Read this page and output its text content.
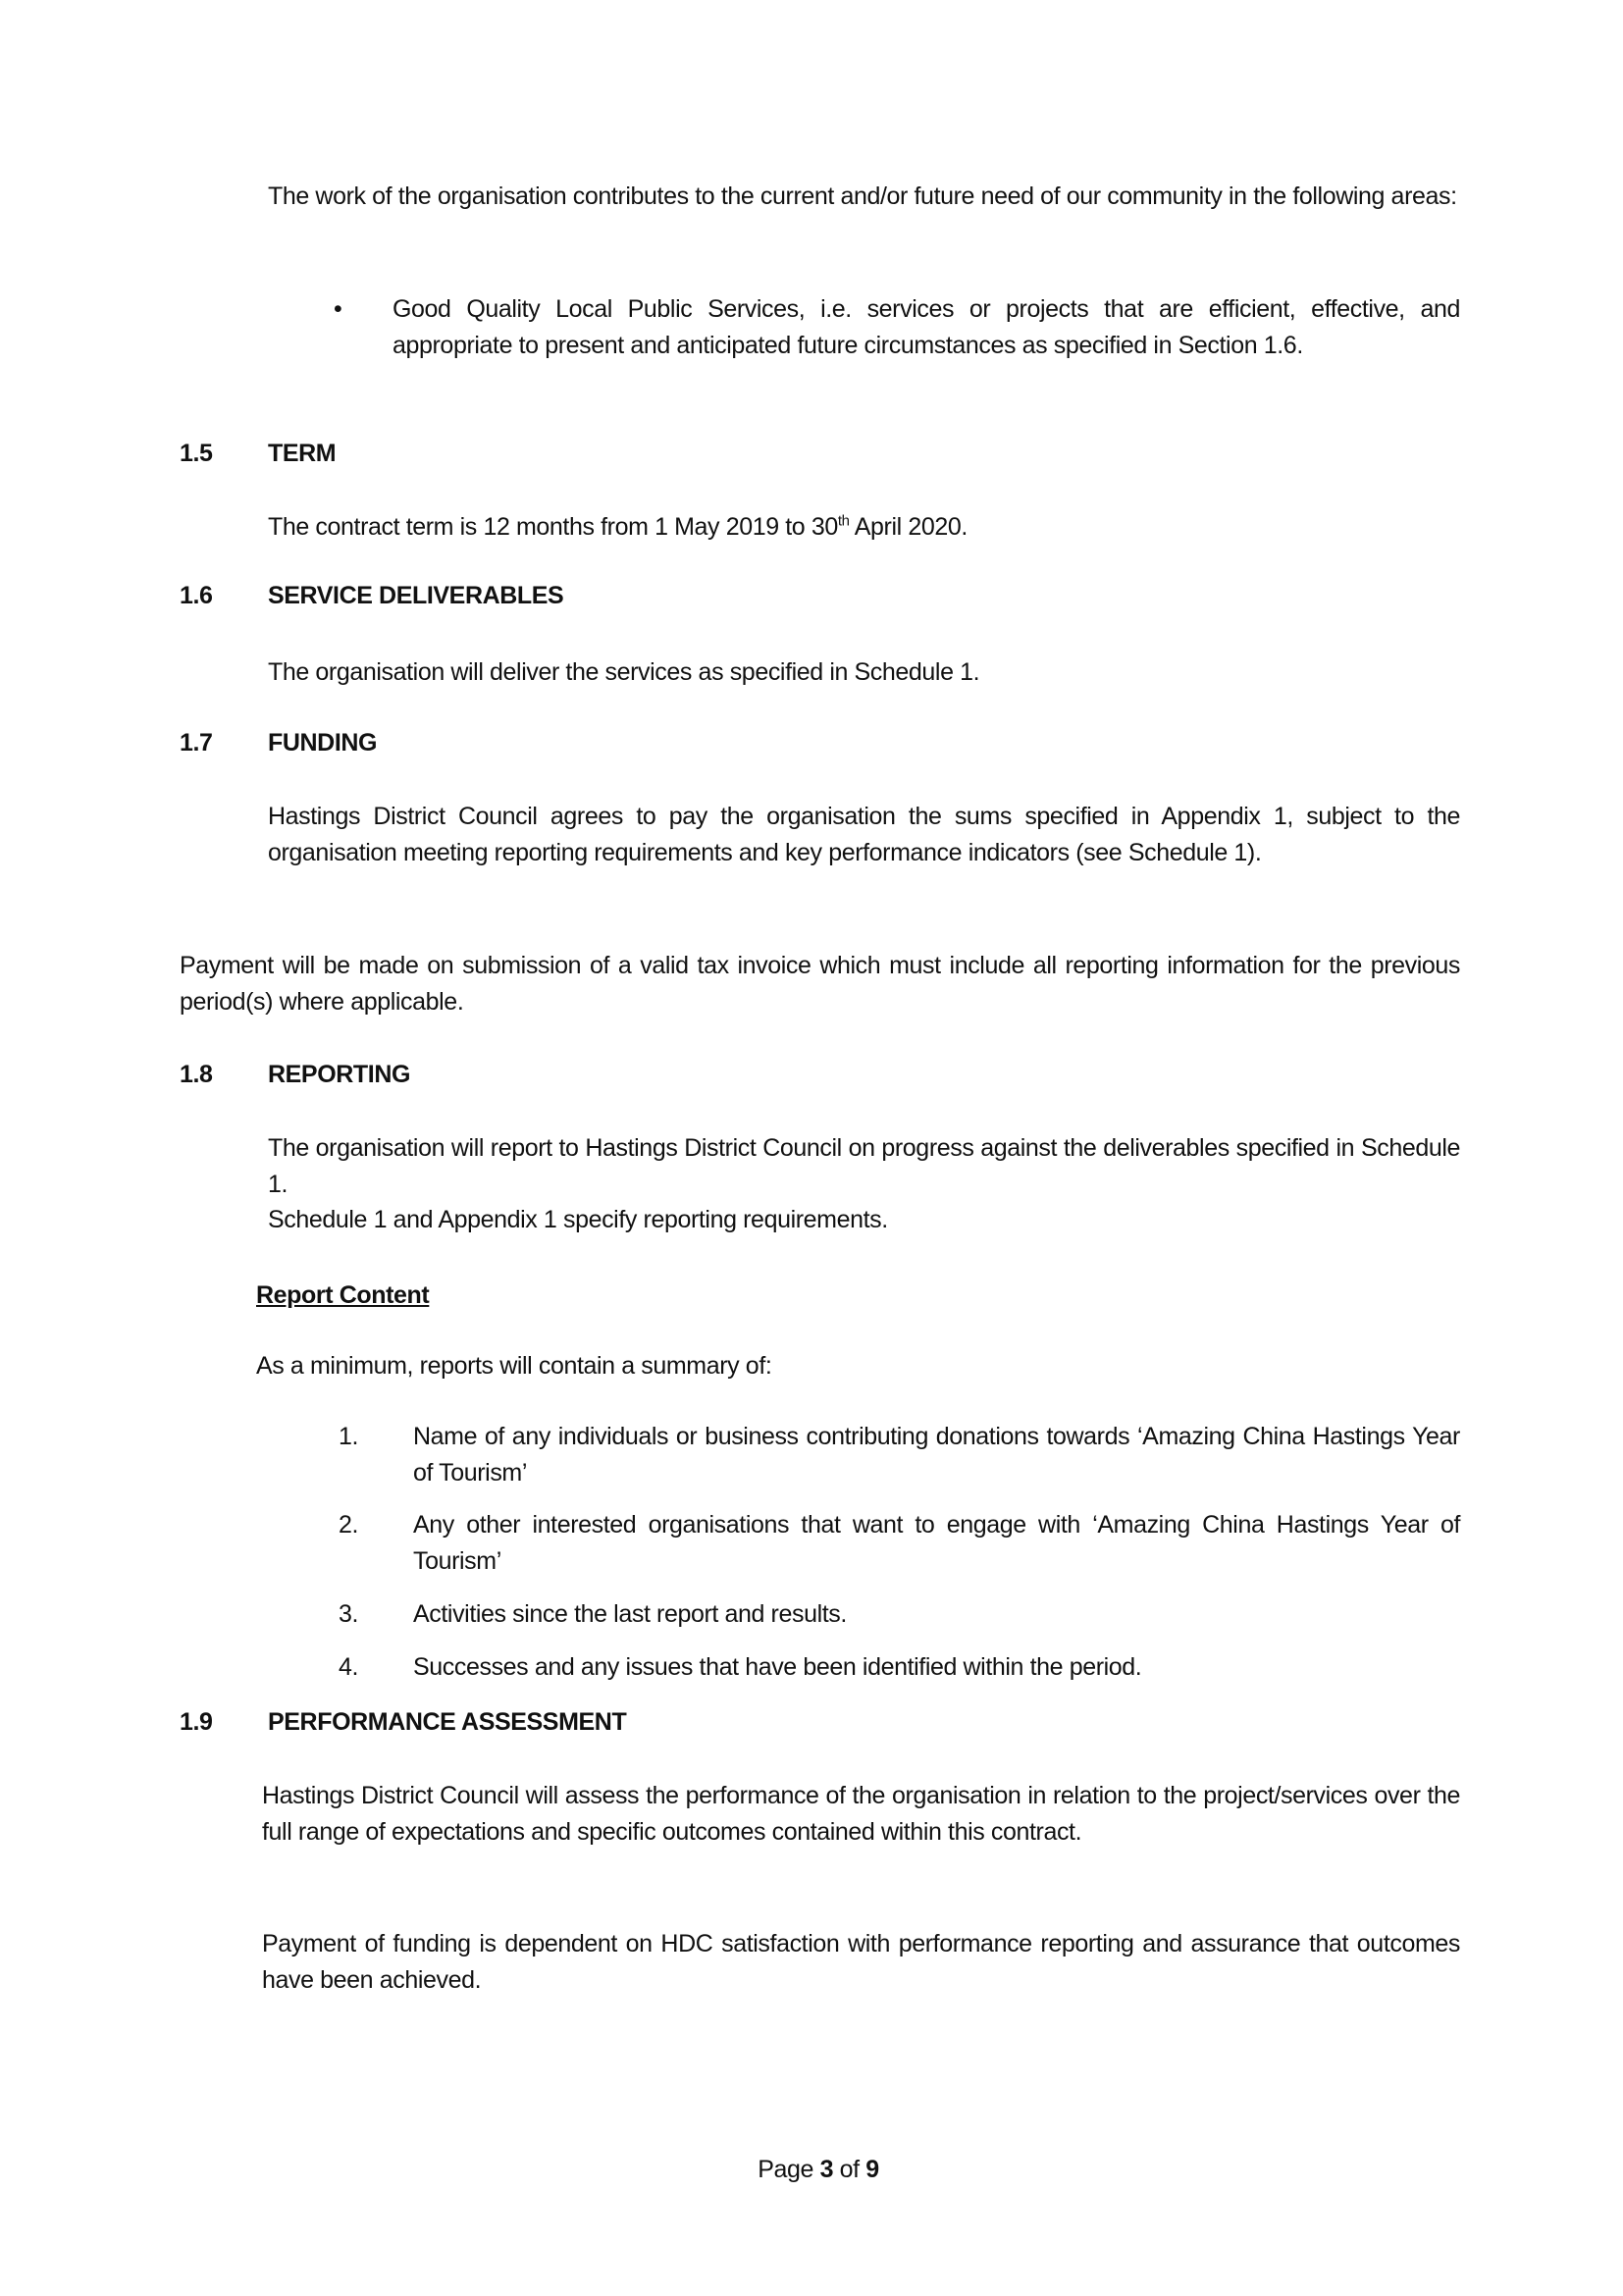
The work of the organisation contributes to the current and/or future need of our community in the following areas:
• Good Quality Local Public Services, i.e. services or projects that are efficient, effective, and appropriate to present and anticipated future circumstances as specified in Section 1.6.
1.5 TERM
The contract term is 12 months from 1 May 2019 to 30th April 2020.
1.6 SERVICE DELIVERABLES
The organisation will deliver the services as specified in Schedule 1.
1.7 FUNDING
Hastings District Council agrees to pay the organisation the sums specified in Appendix 1, subject to the organisation meeting reporting requirements and key performance indicators (see Schedule 1).
Payment will be made on submission of a valid tax invoice which must include all reporting information for the previous period(s) where applicable.
1.8 REPORTING
The organisation will report to Hastings District Council on progress against the deliverables specified in Schedule 1.
Schedule 1 and Appendix 1 specify reporting requirements.
Report Content
As a minimum, reports will contain a summary of:
1. Name of any individuals or business contributing donations towards ‘Amazing China Hastings Year of Tourism’
2. Any other interested organisations that want to engage with ‘Amazing China Hastings Year of Tourism’
3. Activities since the last report and results.
4. Successes and any issues that have been identified within the period.
1.9 PERFORMANCE ASSESSMENT
Hastings District Council will assess the performance of the organisation in relation to the project/services over the full range of expectations and specific outcomes contained within this contract.
Payment of funding is dependent on HDC satisfaction with performance reporting and assurance that outcomes have been achieved.
Page 3 of 9
